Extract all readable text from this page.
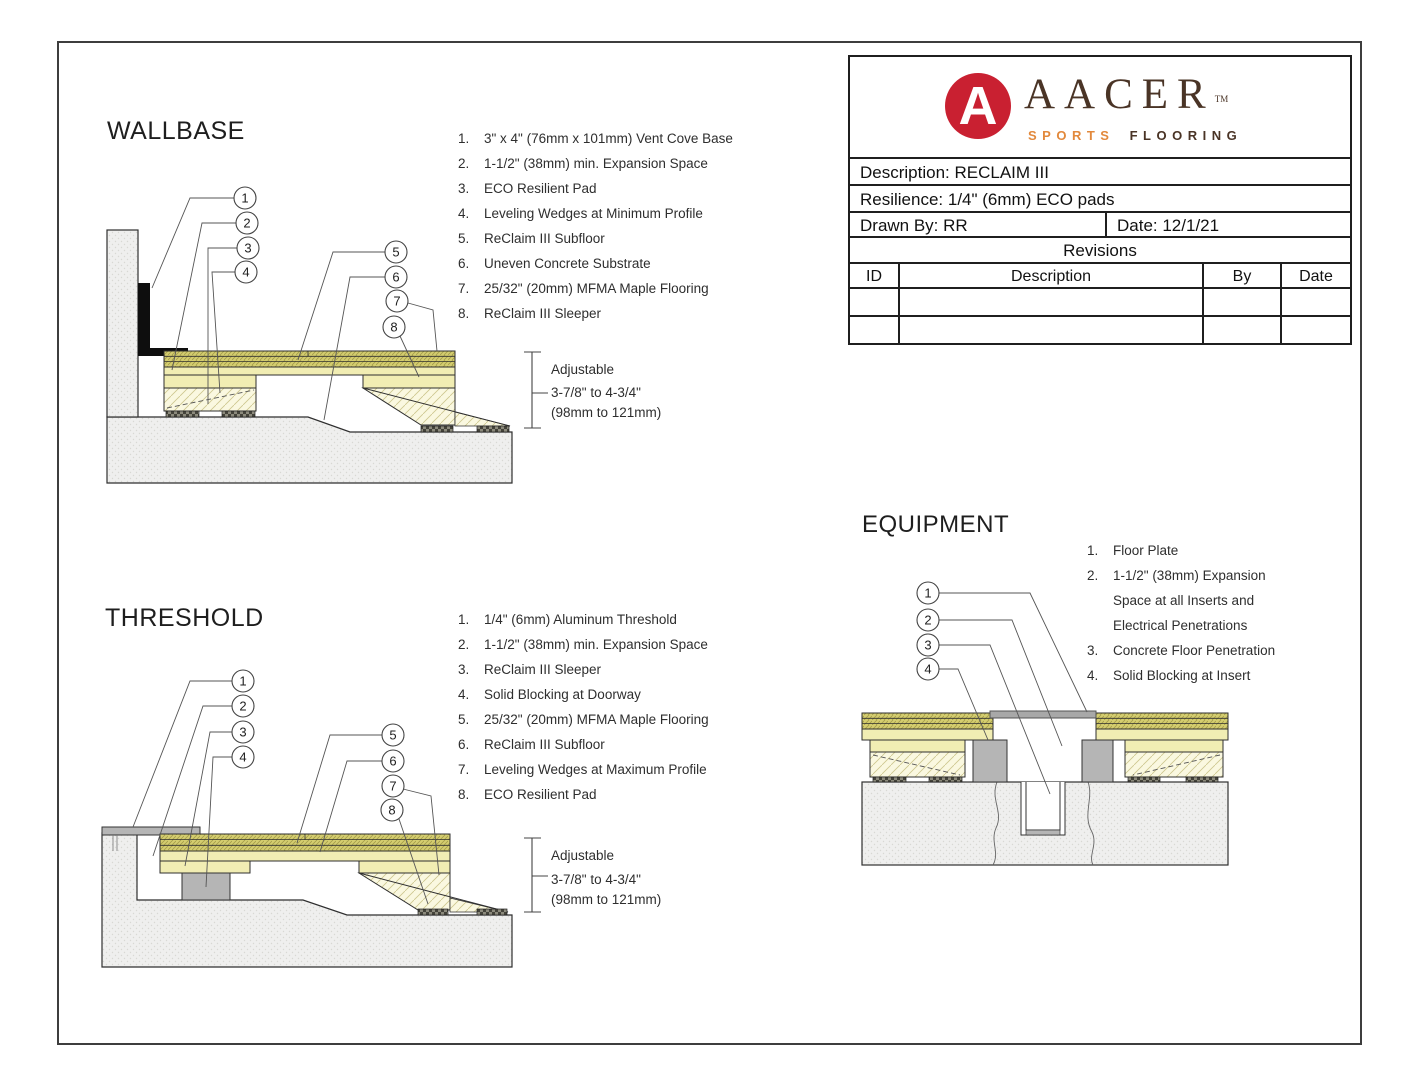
WALLBASE	1.	3" x 4" (76mm x 101mm) Vent Cove Base
2.	1-1/2" (38mm) min. Expansion Space
3.	ECO Resilient Pad
4.	Leveling Wedges at Minimum Profile
5.	ReClaim III Subfloor
6.	Uneven Concrete Substrate
7.	25/32" (20mm) MFMA Maple Flooring
8.	ReClaim III Sleeper
1
2
3
4
5
6
7
8
Adjustable
3-7/8" to 4-3/4"
(98mm to 121mm)
THRESHOLD	1.	1/4" (6mm) Aluminum Threshold
2.	1-1/2" (38mm) min. Expansion Space
3.	ReClaim III Sleeper
4.	Solid Blocking at Doorway
5.	25/32" (20mm) MFMA Maple Flooring
6.	ReClaim III Subfloor
7.	Leveling Wedges at Maximum Profile
8.	ECO Resilient Pad
1
2
3
4
5
6
7
8
Adjustable
3-7/8" to 4-3/4"
(98mm to 121mm)
EQUIPMENT
1.	Floor Plate
2.	1-1/2" (38mm) Expansion Space at all Inserts and Electrical Penetrations
3.	Concrete Floor Penetration
4.	Solid Blocking at Insert
1
2
3
4
A AACERTM
SPORTS FLOORING
Description: RECLAIM III
Resilience: 1/4" (6mm) ECO pads
Drawn By: RR	Date: 12/1/21
Revisions
ID	Description	By	Date
